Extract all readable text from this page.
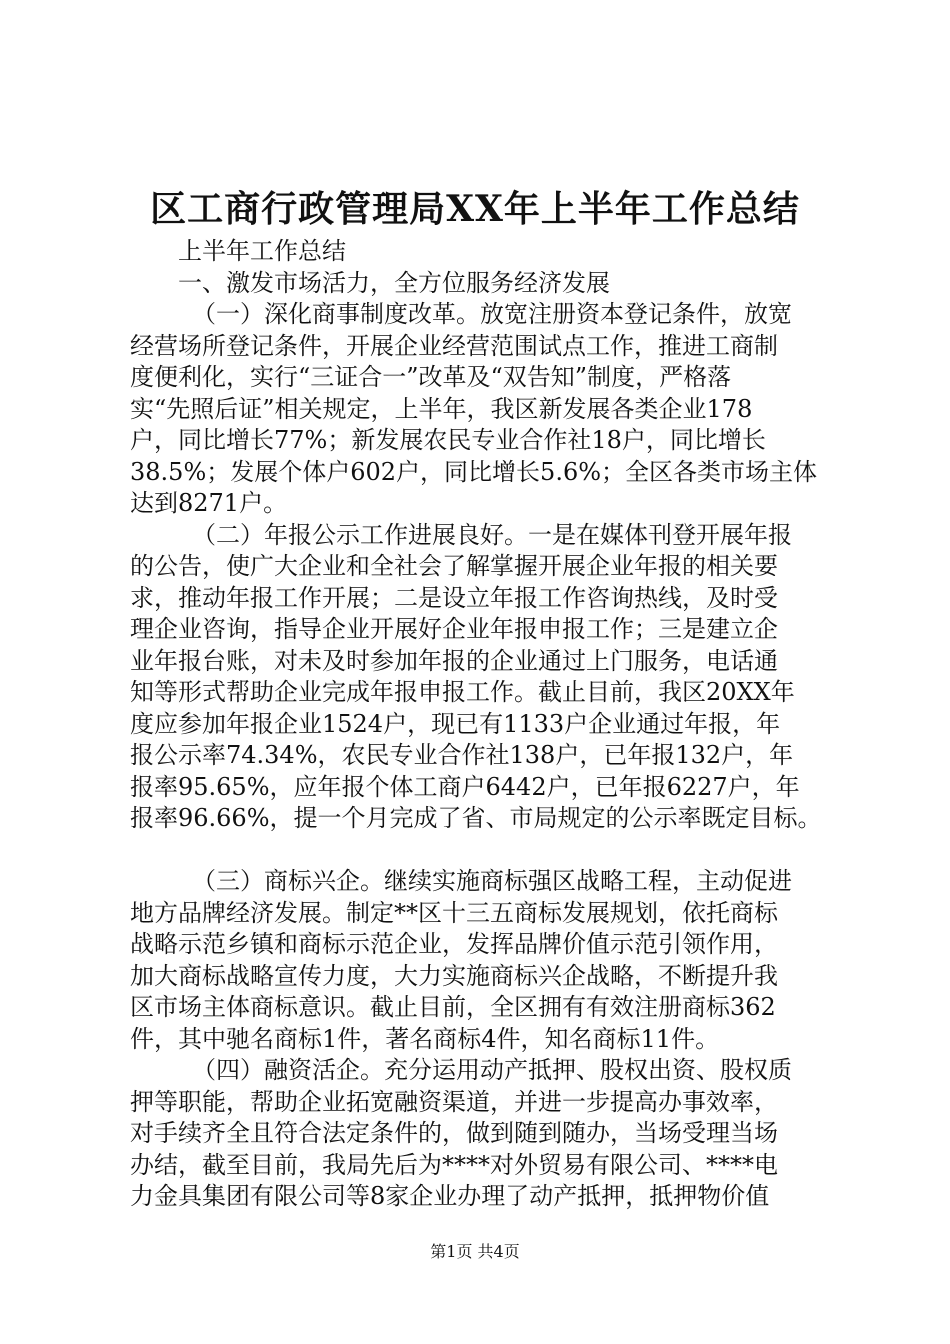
区工商行政管理局XX年上半年工作总结
上半年工作总结
一、激发市场活力，全方位服务经济发展
（一）深化商事制度改革。放宽注册资本登记条件，放宽
经营场所登记条件，开展企业经营范围试点工作，推进工商制
度便利化，实行“三证合一”改革及“双告知”制度，严格落
实“先照后证”相关规定，上半年，我区新发展各类企业178
户，同比增长77%；新发展农民专业合作社18户，同比增长
38.5%；发展个体户602户，同比增长5.6%；全区各类市场主体
达到8271户。
（二）年报公示工作进展良好。一是在媒体刊登开展年报
的公告，使广大企业和全社会了解掌握开展企业年报的相关要
求，推动年报工作开展；二是设立年报工作咨询热线，及时受
理企业咨询，指导企业开展好企业年报申报工作；三是建立企
业年报台账，对未及时参加年报的企业通过上门服务，电话通
知等形式帮助企业完成年报申报工作。截止目前，我区20XX年
度应参加年报企业1524户，现已有1133户企业通过年报，年
报公示率74.34%，农民专业合作社138户，已年报132户，年
报率95.65%，应年报个体工商户6442户，已年报6227户，年
报率96.66%，提一个月完成了省、市局规定的公示率既定目标。
（三）商标兴企。继续实施商标强区战略工程，主动促进
地方品牌经济发展。制定**区十三五商标发展规划，依托商标
战略示范乡镇和商标示范企业，发挥品牌价值示范引领作用，
加大商标战略宣传力度，大力实施商标兴企战略，不断提升我
区市场主体商标意识。截止目前，全区拥有有效注册商标362
件，其中驰名商标1件，著名商标4件，知名商标11件。
（四）融资活企。充分运用动产抵押、股权出资、股权质
押等职能，帮助企业拓宽融资渠道，并进一步提高办事效率，
对手续齐全且符合法定条件的，做到随到随办，当场受理当场
办结，截至目前，我局先后为****对外贸易有限公司、****电
力金具集团有限公司等8家企业办理了动产抵押，抵押物价值
第1页 共4页
